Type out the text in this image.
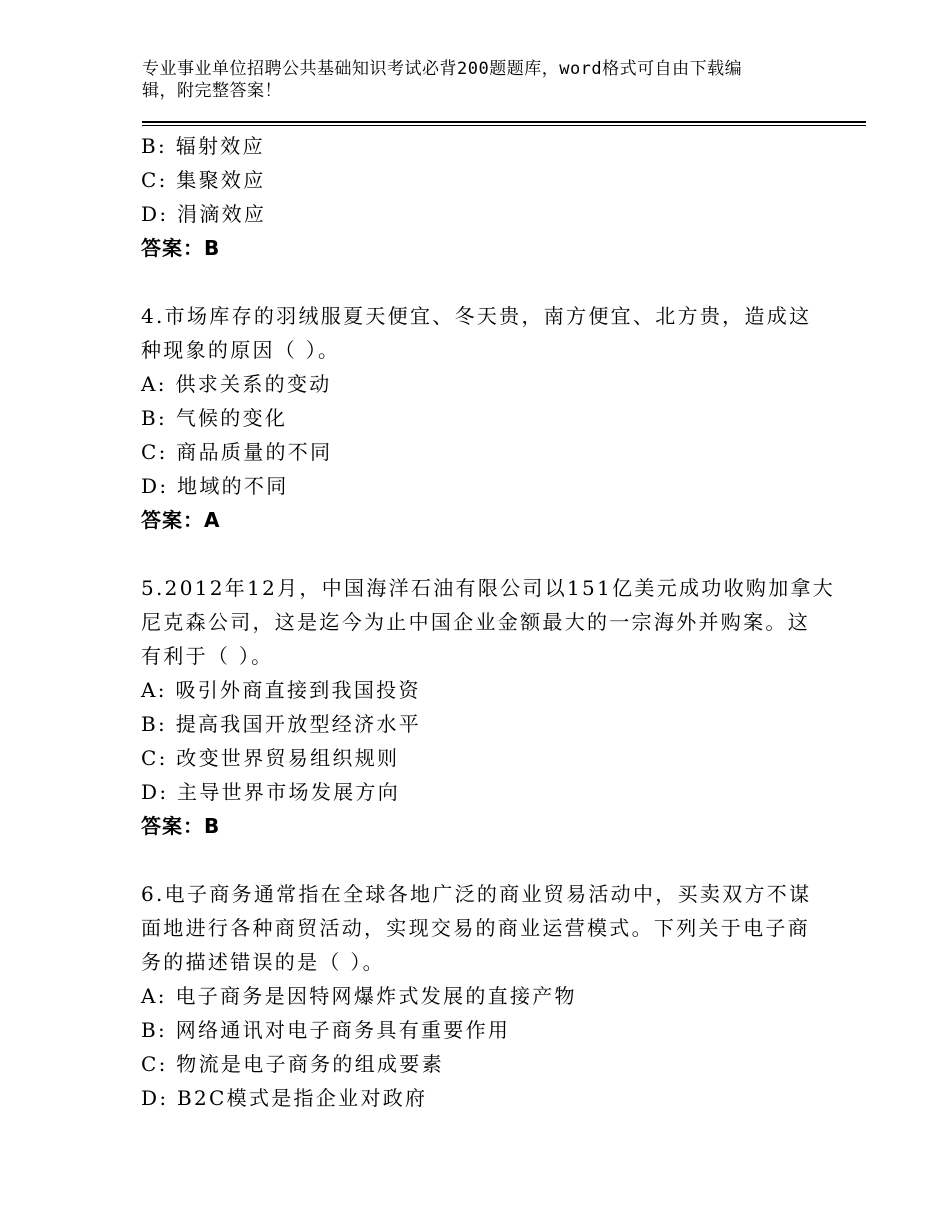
专业事业单位招聘公共基础知识考试必背200题题库，word格式可自由下载编
辑，附完整答案！
B: 辐射效应
C: 集聚效应
D: 涓滴效应
答案：B
4.市场库存的羽绒服夏天便宜、冬天贵，南方便宜、北方贵，造成这
种现象的原因（ ）。
A: 供求关系的变动
B: 气候的变化
C: 商品质量的不同
D: 地域的不同
答案：A
5.2012年12月，中国海洋石油有限公司以151亿美元成功收购加拿大
尼克森公司，这是迄今为止中国企业金额最大的一宗海外并购案。这
有利于（ ）。
A: 吸引外商直接到我国投资
B: 提高我国开放型经济水平
C: 改变世界贸易组织规则
D: 主导世界市场发展方向
答案：B
6.电子商务通常指在全球各地广泛的商业贸易活动中，买卖双方不谋
面地进行各种商贸活动，实现交易的商业运营模式。下列关于电子商
务的描述错误的是（ ）。
A: 电子商务是因特网爆炸式发展的直接产物
B: 网络通讯对电子商务具有重要作用
C: 物流是电子商务的组成要素
D: B2C模式是指企业对政府
